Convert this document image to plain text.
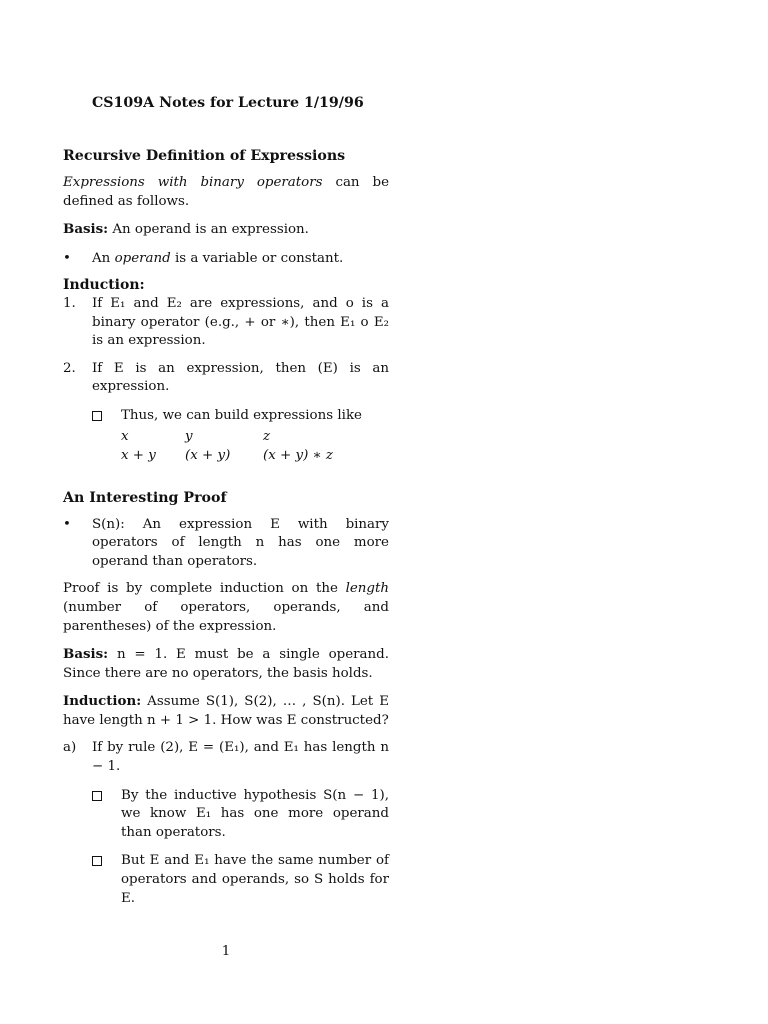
CS109A Notes for Lecture 1/19/96
Recursive Definition of Expressions

Expressions with binary operators can be defined as follows.

Basis: An operand is an expression.

•	An operand is a variable or constant.
Induction:
1.	If E₁ and E₂ are expressions, and o is a binary operator (e.g., + or ∗), then E₁ o E₂ is an expression.
2.	If E is an expression, then (E) is an expression.
Thus, we can build expressions like
x	y	z
x + y	(x + y)	(x + y) ∗ z
An Interesting Proof
•	S(n): An expression E with binary operators of length n has one more operand than operators.

Proof is by complete induction on the length (number of operators, operands, and parentheses) of the expression.

Basis: n = 1. E must be a single operand. Since there are no operators, the basis holds.

Induction: Assume S(1), S(2), … , S(n). Let E have length n + 1 > 1. How was E constructed?

a)	If by rule (2), E = (E₁), and E₁ has length n − 1.
By the inductive hypothesis S(n − 1), we know E₁ has one more operand than operators.
But E and E₁ have the same number of operators and operands, so S holds for E.
1
